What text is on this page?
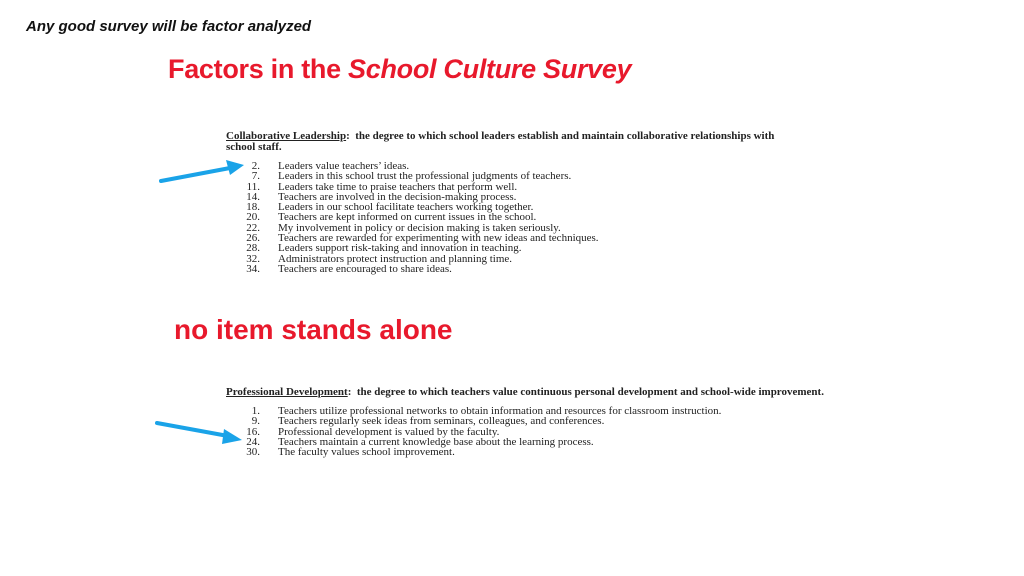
Any good survey will be factor analyzed
Factors in the School Culture Survey
Collaborative Leadership: the degree to which school leaders establish and maintain collaborative relationships with school staff.
2.	Leaders value teachers’ ideas.
7.	Leaders in this school trust the professional judgments of teachers.
11.	Leaders take time to praise teachers that perform well.
14.	Teachers are involved in the decision-making process.
18.	Leaders in our school facilitate teachers working together.
20.	Teachers are kept informed on current issues in the school.
22.	My involvement in policy or decision making is taken seriously.
26.	Teachers are rewarded for experimenting with new ideas and techniques.
28.	Leaders support risk-taking and innovation in teaching.
32.	Administrators protect instruction and planning time.
34.	Teachers are encouraged to share ideas.
no item stands alone
Professional Development: the degree to which teachers value continuous personal development and school-wide improvement.
1.	Teachers utilize professional networks to obtain information and resources for classroom instruction.
9.	Teachers regularly seek ideas from seminars, colleagues, and conferences.
16.	Professional development is valued by the faculty.
24.	Teachers maintain a current knowledge base about the learning process.
30.	The faculty values school improvement.
